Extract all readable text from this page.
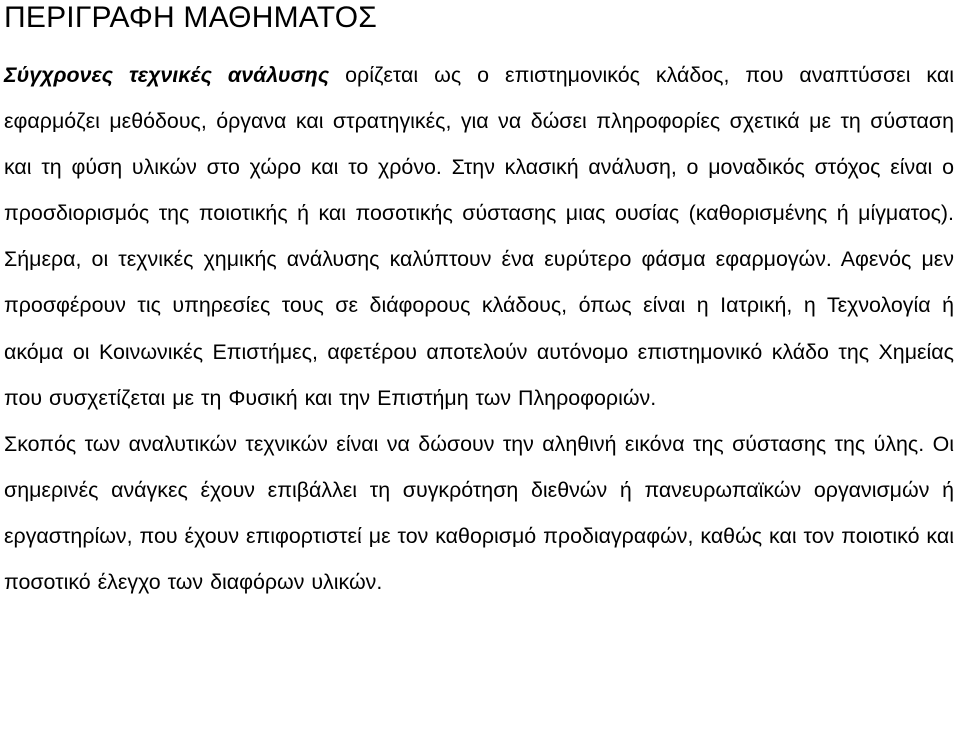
ΠΕΡΙΓΡΑΦΗ ΜΑΘΗΜΑΤΟΣ

Σύγχρονες τεχνικές ανάλυσης ορίζεται ως ο επιστημονικός κλάδος, που αναπτύσσει και εφαρμόζει μεθόδους, όργανα και στρατηγικές, για να δώσει πληροφορίες σχετικά με τη σύσταση και τη φύση υλικών στο χώρο και το χρόνο. Στην κλασική ανάλυση, ο μοναδικός στόχος είναι ο προσδιορισμός της ποιοτικής ή και ποσοτικής σύστασης μιας ουσίας (καθορισμένης ή μίγματος). Σήμερα, οι τεχνικές χημικής ανάλυσης καλύπτουν ένα ευρύτερο φάσμα εφαρμογών. Αφενός μεν προσφέρουν τις υπηρεσίες τους σε διάφορους κλάδους, όπως είναι η Ιατρική, η Τεχνολογία ή ακόμα οι Κοινωνικές Επιστήμες, αφετέρου αποτελούν αυτόνομο επιστημονικό κλάδο της Χημείας που συσχετίζεται με τη Φυσική και την Επιστήμη των Πληροφοριών.

Σκοπός των αναλυτικών τεχνικών είναι να δώσουν την αληθινή εικόνα της σύστασης της ύλης. Οι σημερινές ανάγκες έχουν επιβάλλει τη συγκρότηση διεθνών ή πανευρωπαϊκών οργανισμών ή εργαστηρίων, που έχουν επιφορτιστεί με τον καθορισμό προδιαγραφών, καθώς και τον ποιοτικό και ποσοτικό έλεγχο των διαφόρων υλικών.
